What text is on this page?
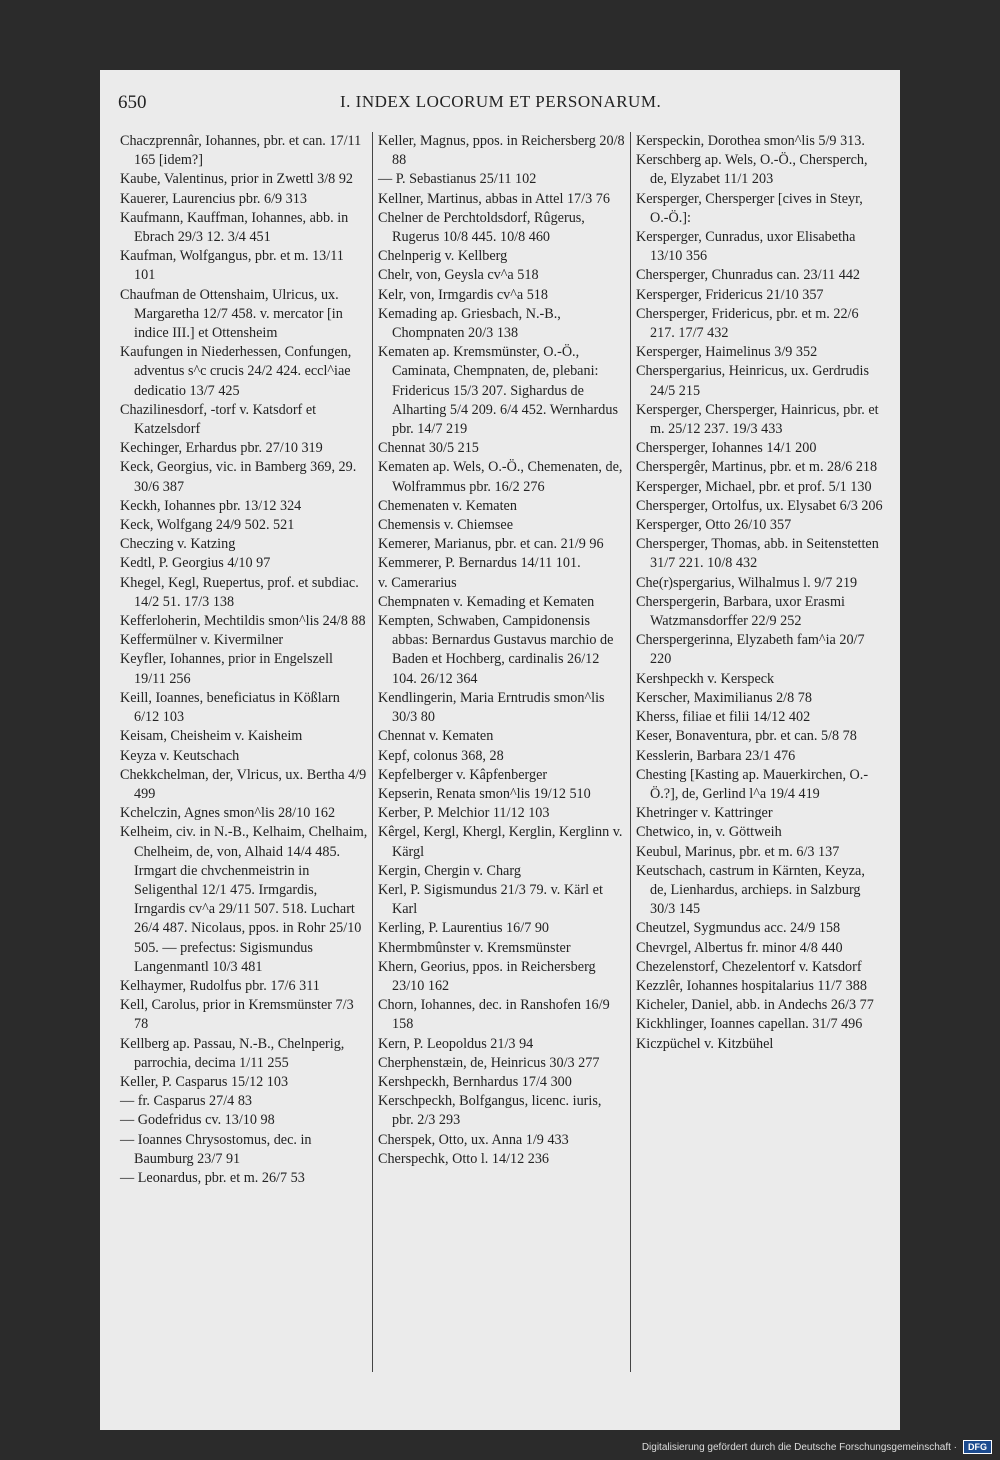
650	I. INDEX LOCORUM ET PERSONARUM.

Chaczprennâr, Iohannes, pbr. et can. 17/11 165 [idem?]

Kaube, Valentinus, prior in Zwettl 3/8 92

Kauerer, Laurencius pbr. 6/9 313

Kaufmann, Kauffman, Iohannes, abb. in Ebrach 29/3 12. 3/4 451

Kaufman, Wolfgangus, pbr. et m. 13/11 101

Chaufman de Ottenshaim, Ulricus, ux. Margaretha 12/7 458. v. mercator [in indice III.] et Ottensheim

Kaufungen in Niederhessen, Confungen, adventus s^c crucis 24/2 424. eccl^iae dedicatio 13/7 425

Chazilinesdorf, -torf v. Katsdorf et Katzelsdorf

Kechinger, Erhardus pbr. 27/10 319

Keck, Georgius, vic. in Bamberg 369, 29. 30/6 387

Keckh, Iohannes pbr. 13/12 324

Keck, Wolfgang 24/9 502. 521

Checzing v. Katzing

Kedtl, P. Georgius 4/10 97

Khegel, Kegl, Ruepertus, prof. et subdiac. 14/2 51. 17/3 138

Kefferloherin, Mechtildis smon^lis 24/8 88

Keffermülner v. Kivermilner

Keyfler, Iohannes, prior in Engelszell 19/11 256

Keill, Ioannes, beneficiatus in Kößlarn 6/12 103

Keisam, Cheisheim v. Kaisheim

Keyza v. Keutschach

Chekkchelman, der, Vlricus, ux. Bertha 4/9 499

Kchelczin, Agnes smon^lis 28/10 162

Kelheim, civ. in N.-B., Kelhaim, Chelhaim, Chelheim, de, von, Alhaid 14/4 485. Irmgart die chvchenmeistrin in Seligenthal 12/1 475. Irmgardis, Irngardis cv^a 29/11 507. 518. Luchart 26/4 487. Nicolaus, ppos. in Rohr 25/10 505. — prefectus: Sigismundus Langenmantl 10/3 481

Kelhaymer, Rudolfus pbr. 17/6 311

Kell, Carolus, prior in Kremsmünster 7/3 78

Kellberg ap. Passau, N.-B., Chelnperig, parrochia, decima 1/11 255

Keller, P. Casparus 15/12 103

— fr. Casparus 27/4 83

— Godefridus cv. 13/10 98

— Ioannes Chrysostomus, dec. in Baumburg 23/7 91

— Leonardus, pbr. et m. 26/7 53

Keller, Magnus, ppos. in Reichersberg 20/8 88

— P. Sebastianus 25/11 102

Kellner, Martinus, abbas in Attel 17/3 76

Chelner de Perchtoldsdorf, Rûgerus, Rugerus 10/8 445. 10/8 460

Chelnperig v. Kellberg

Chelr, von, Geysla cv^a 518

Kelr, von, Irmgardis cv^a 518

Kemading ap. Griesbach, N.-B., Chompnaten 20/3 138

Kematen ap. Kremsmünster, O.-Ö., Caminata, Chempnaten, de, plebani: Fridericus 15/3 207. Sighardus de Alharting 5/4 209. 6/4 452. Wernhardus pbr. 14/7 219

Chennat 30/5 215

Kematen ap. Wels, O.-Ö., Chemenaten, de, Wolframmus pbr. 16/2 276

Chemenaten v. Kematen

Chemensis v. Chiemsee

Kemerer, Marianus, pbr. et can. 21/9 96

Kemmerer, P. Bernardus 14/11 101.

v. Camerarius

Chempnaten v. Kemading et Kematen

Kempten, Schwaben, Campidonensis abbas: Bernardus Gustavus marchio de Baden et Hochberg, cardinalis 26/12 104. 26/12 364

Kendlingerin, Maria Erntrudis smon^lis 30/3 80

Chennat v. Kematen

Kepf, colonus 368, 28

Kepfelberger v. Kâpfenberger

Kepserin, Renata smon^lis 19/12 510

Kerber, P. Melchior 11/12 103

Kêrgel, Kergl, Khergl, Kerglin, Kerglinn v. Kärgl

Kergin, Chergin v. Charg

Kerl, P. Sigismundus 21/3 79. v. Kärl et Karl

Kerling, P. Laurentius 16/7 90

Khermbmûnster v. Kremsmünster

Khern, Georius, ppos. in Reichersberg 23/10 162

Chorn, Iohannes, dec. in Ranshofen 16/9 158

Kern, P. Leopoldus 21/3 94

Cherphenstæin, de, Heinricus 30/3 277

Kershpeckh, Bernhardus 17/4 300

Kerschpeckh, Bolfgangus, licenc. iuris, pbr. 2/3 293

Cherspek, Otto, ux. Anna 1/9 433

Cherspechk, Otto l. 14/12 236

Kerspeckin, Dorothea smon^lis 5/9 313.

Kerschberg ap. Wels, O.-Ö., Chersperch, de, Elyzabet 11/1 203

Kersperger, Chersperger [cives in Steyr, O.-Ö.]:

Kersperger, Cunradus, uxor Elisabetha 13/10 356

Chersperger, Chunradus can. 23/11 442

Kersperger, Fridericus 21/10 357

Chersperger, Fridericus, pbr. et m. 22/6 217. 17/7 432

Kersperger, Haimelinus 3/9 352

Cherspergarius, Heinricus, ux. Gerdrudis 24/5 215

Kersperger, Chersperger, Hainricus, pbr. et m. 25/12 237. 19/3 433

Chersperger, Iohannes 14/1 200

Cherspergêr, Martinus, pbr. et m. 28/6 218

Kersperger, Michael, pbr. et prof. 5/1 130

Chersperger, Ortolfus, ux. Elysabet 6/3 206

Kersperger, Otto 26/10 357

Chersperger, Thomas, abb. in Seitenstetten 31/7 221. 10/8 432

Che(r)spergarius, Wilhalmus l. 9/7 219

Cherspergerin, Barbara, uxor Erasmi Watzmansdorffer 22/9 252

Cherspergerinna, Elyzabeth fam^ia 20/7 220

Kershpeckh v. Kerspeck

Kerscher, Maximilianus 2/8 78

Kherss, filiae et filii 14/12 402

Keser, Bonaventura, pbr. et can. 5/8 78

Kesslerin, Barbara 23/1 476

Chesting [Kasting ap. Mauerkirchen, O.-Ö.?], de, Gerlind l^a 19/4 419

Khetringer v. Kattringer

Chetwico, in, v. Göttweih

Keubul, Marinus, pbr. et m. 6/3 137

Keutschach, castrum in Kärnten, Keyza, de, Lienhardus, archieps. in Salzburg 30/3 145

Cheutzel, Sygmundus acc. 24/9 158

Chevrgel, Albertus fr. minor 4/8 440

Chezelenstorf, Chezelentorf v. Katsdorf

Kezzlêr, Iohannes hospitalarius 11/7 388

Kicheler, Daniel, abb. in Andechs 26/3 77

Kickhlinger, Ioannes capellan. 31/7 496

Kiczpüchel v. Kitzbühel

Digitalisierung gefördert durch die Deutsche Forschungsgemeinschaft ·	DFG
